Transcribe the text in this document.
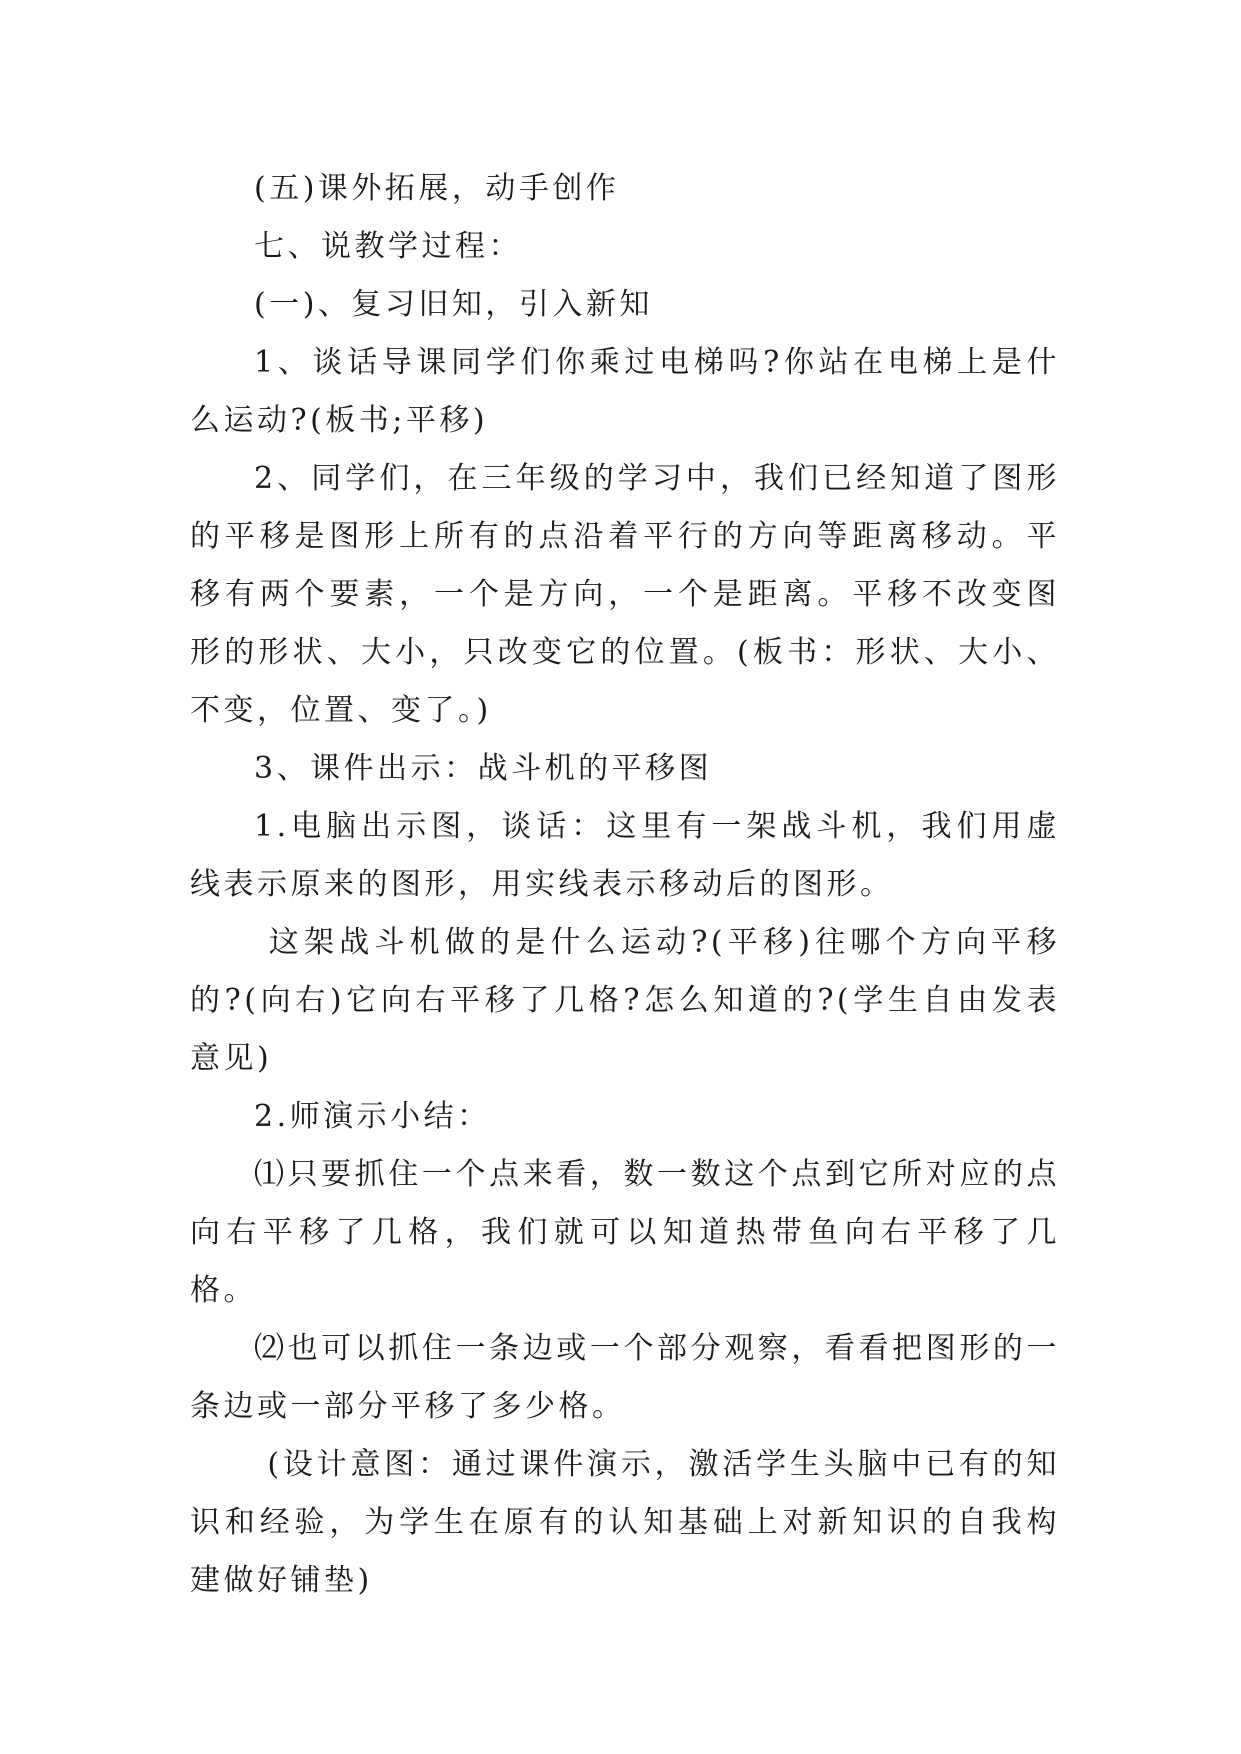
(五)课外拓展，动手创作

七、说教学过程：

(一)、复习旧知，引入新知

1、谈话导课同学们你乘过电梯吗?你站在电梯上是什么运动?(板书;平移)

2、同学们，在三年级的学习中，我们已经知道了图形的平移是图形上所有的点沿着平行的方向等距离移动。平移有两个要素，一个是方向，一个是距离。平移不改变图形的形状、大小，只改变它的位置。(板书：形状、大小、不变，位置、变了。)

3、课件出示：战斗机的平移图

1.电脑出示图，谈话：这里有一架战斗机，我们用虚线表示原来的图形，用实线表示移动后的图形。

这架战斗机做的是什么运动?(平移)往哪个方向平移的?(向右)它向右平移了几格?怎么知道的?(学生自由发表意见)

2.师演示小结：

⑴只要抓住一个点来看，数一数这个点到它所对应的点向右平移了几格，我们就可以知道热带鱼向右平移了几格。

⑵也可以抓住一条边或一个部分观察，看看把图形的一条边或一部分平移了多少格。

(设计意图：通过课件演示，激活学生头脑中已有的知识和经验，为学生在原有的认知基础上对新知识的自我构建做好铺垫)
